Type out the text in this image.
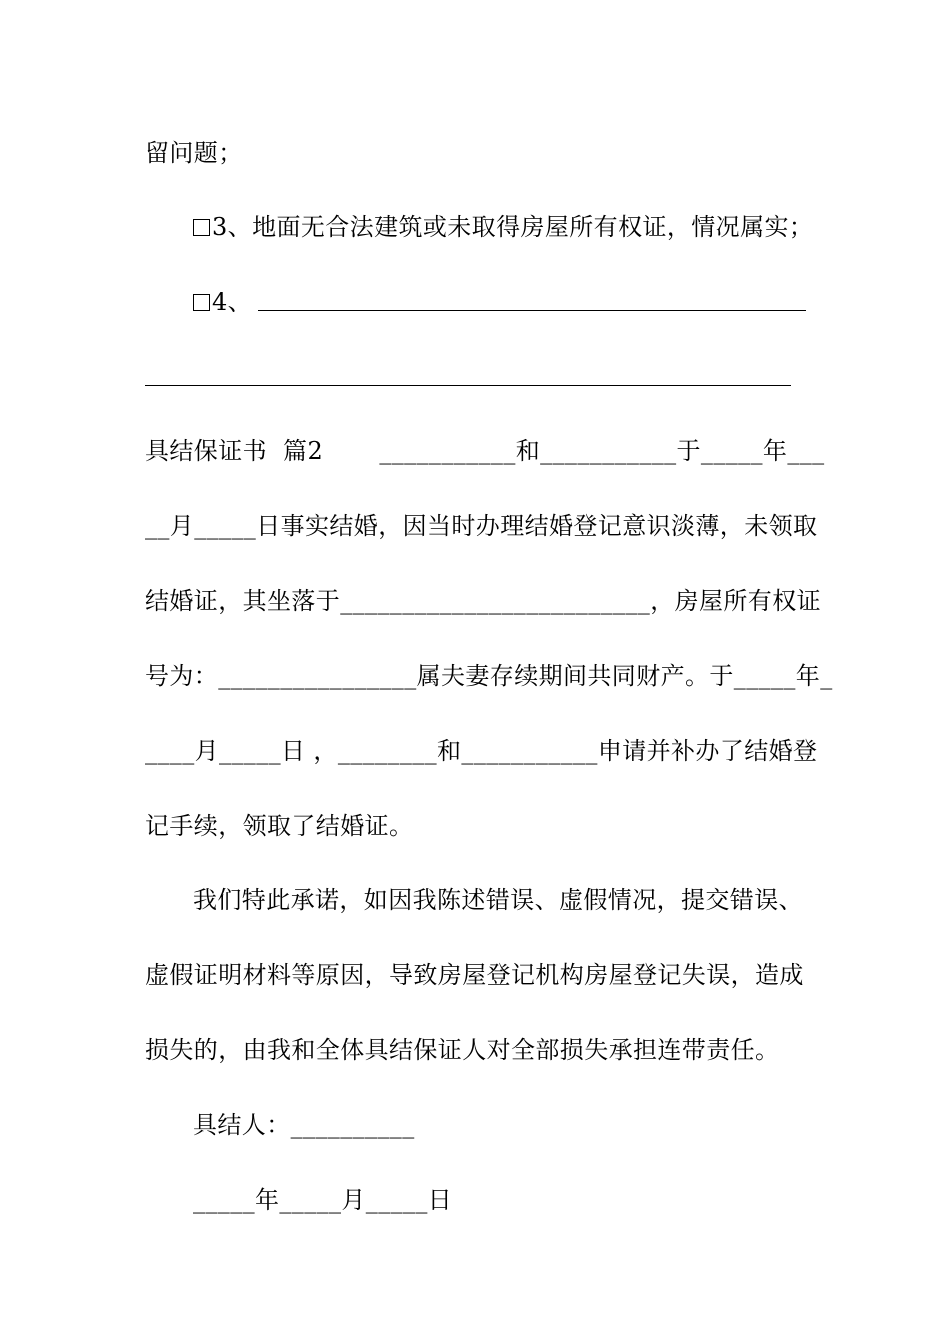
留问题；
3、地面无合法建筑或未取得房屋所有权证，情况属实；
4、
具结保证书  篇2       ___________和___________于_____年___
__月_____日事实结婚，因当时办理结婚登记意识淡薄，未领取
结婚证，其坐落于_________________________，房屋所有权证
号为：________________属夫妻存续期间共同财产。于_____年_
____月_____日 ，________和___________申请并补办了结婚登
记手续，领取了结婚证。
我们特此承诺，如因我陈述错误、虚假情况，提交错误、
虚假证明材料等原因，导致房屋登记机构房屋登记失误，造成
损失的，由我和全体具结保证人对全部损失承担连带责任。
具结人：__________
_____年_____月_____日
